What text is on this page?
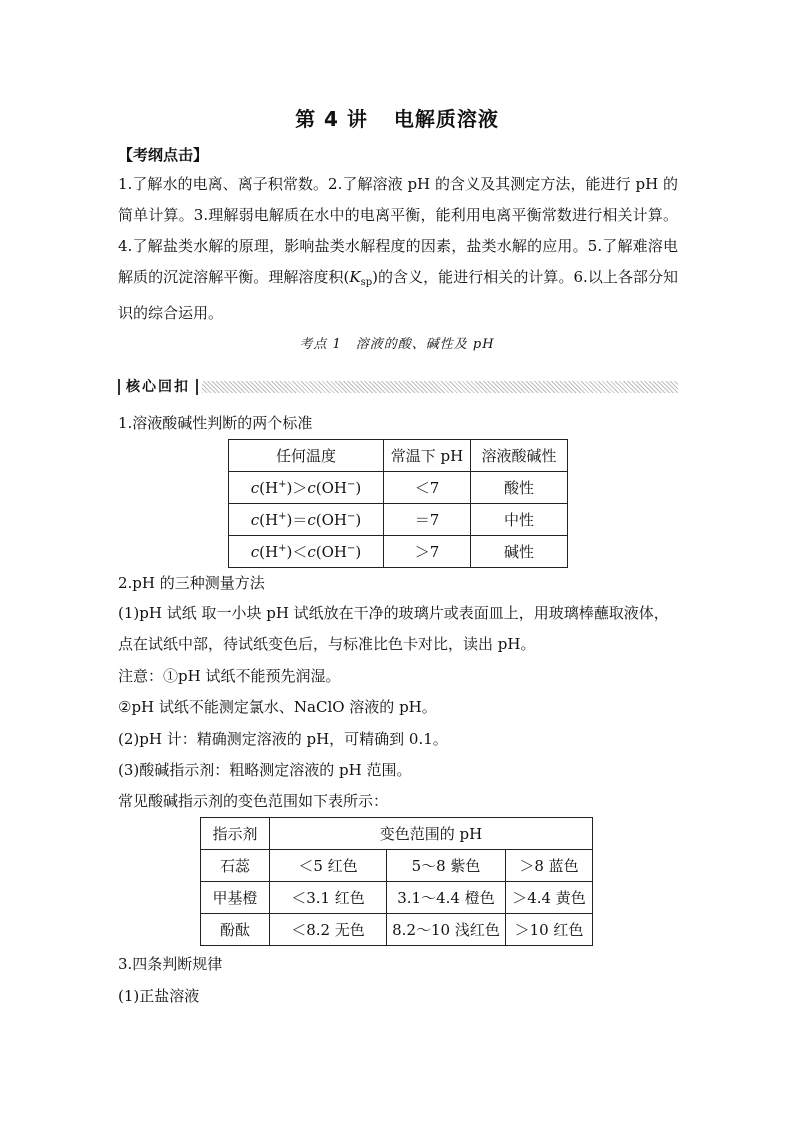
第 4 讲 电解质溶液
【考纲点击】
1.了解水的电离、离子积常数。2.了解溶液 pH 的含义及其测定方法，能进行 pH 的简单计算。3.理解弱电解质在水中的电离平衡，能利用电离平衡常数进行相关计算。4.了解盐类水解的原理，影响盐类水解程度的因素，盐类水解的应用。5.了解难溶电解质的沉淀溶解平衡。理解溶度积$(K_{sp})$的含义，能进行相关的计算。6.以上各部分知识的综合运用。
考点 1　溶液的酸、碱性及 pH
核心回扣
1.溶液酸碱性判断的两个标准
任何温度	常温下 pH	溶液酸碱性
c(H+)＞c(OH−)	＜7	酸性
c(H+)＝c(OH−)	＝7	中性
c(H+)＜c(OH−)	＞7	碱性
2.pH 的三种测量方法
(1)pH 试纸 取一小块 pH 试纸放在干净的玻璃片或表面皿上，用玻璃棒蘸取液体，
点在试纸中部，待试纸变色后，与标准比色卡对比，读出 pH。
注意：①pH 试纸不能预先润湿。
②pH 试纸不能测定氯水、NaClO 溶液的 pH。
(2)pH 计：精确测定溶液的 pH，可精确到 0.1。
(3)酸碱指示剂：粗略测定溶液的 pH 范围。
常见酸碱指示剂的变色范围如下表所示：
指示剂	变色范围的 pH		
石蕊	＜5 红色	5～8 紫色	＞8 蓝色
甲基橙	＜3.1 红色	3.1～4.4 橙色	＞4.4 黄色
酚酞	＜8.2 无色	8.2～10 浅红色	＞10 红色
3.四条判断规律
(1)正盐溶液
